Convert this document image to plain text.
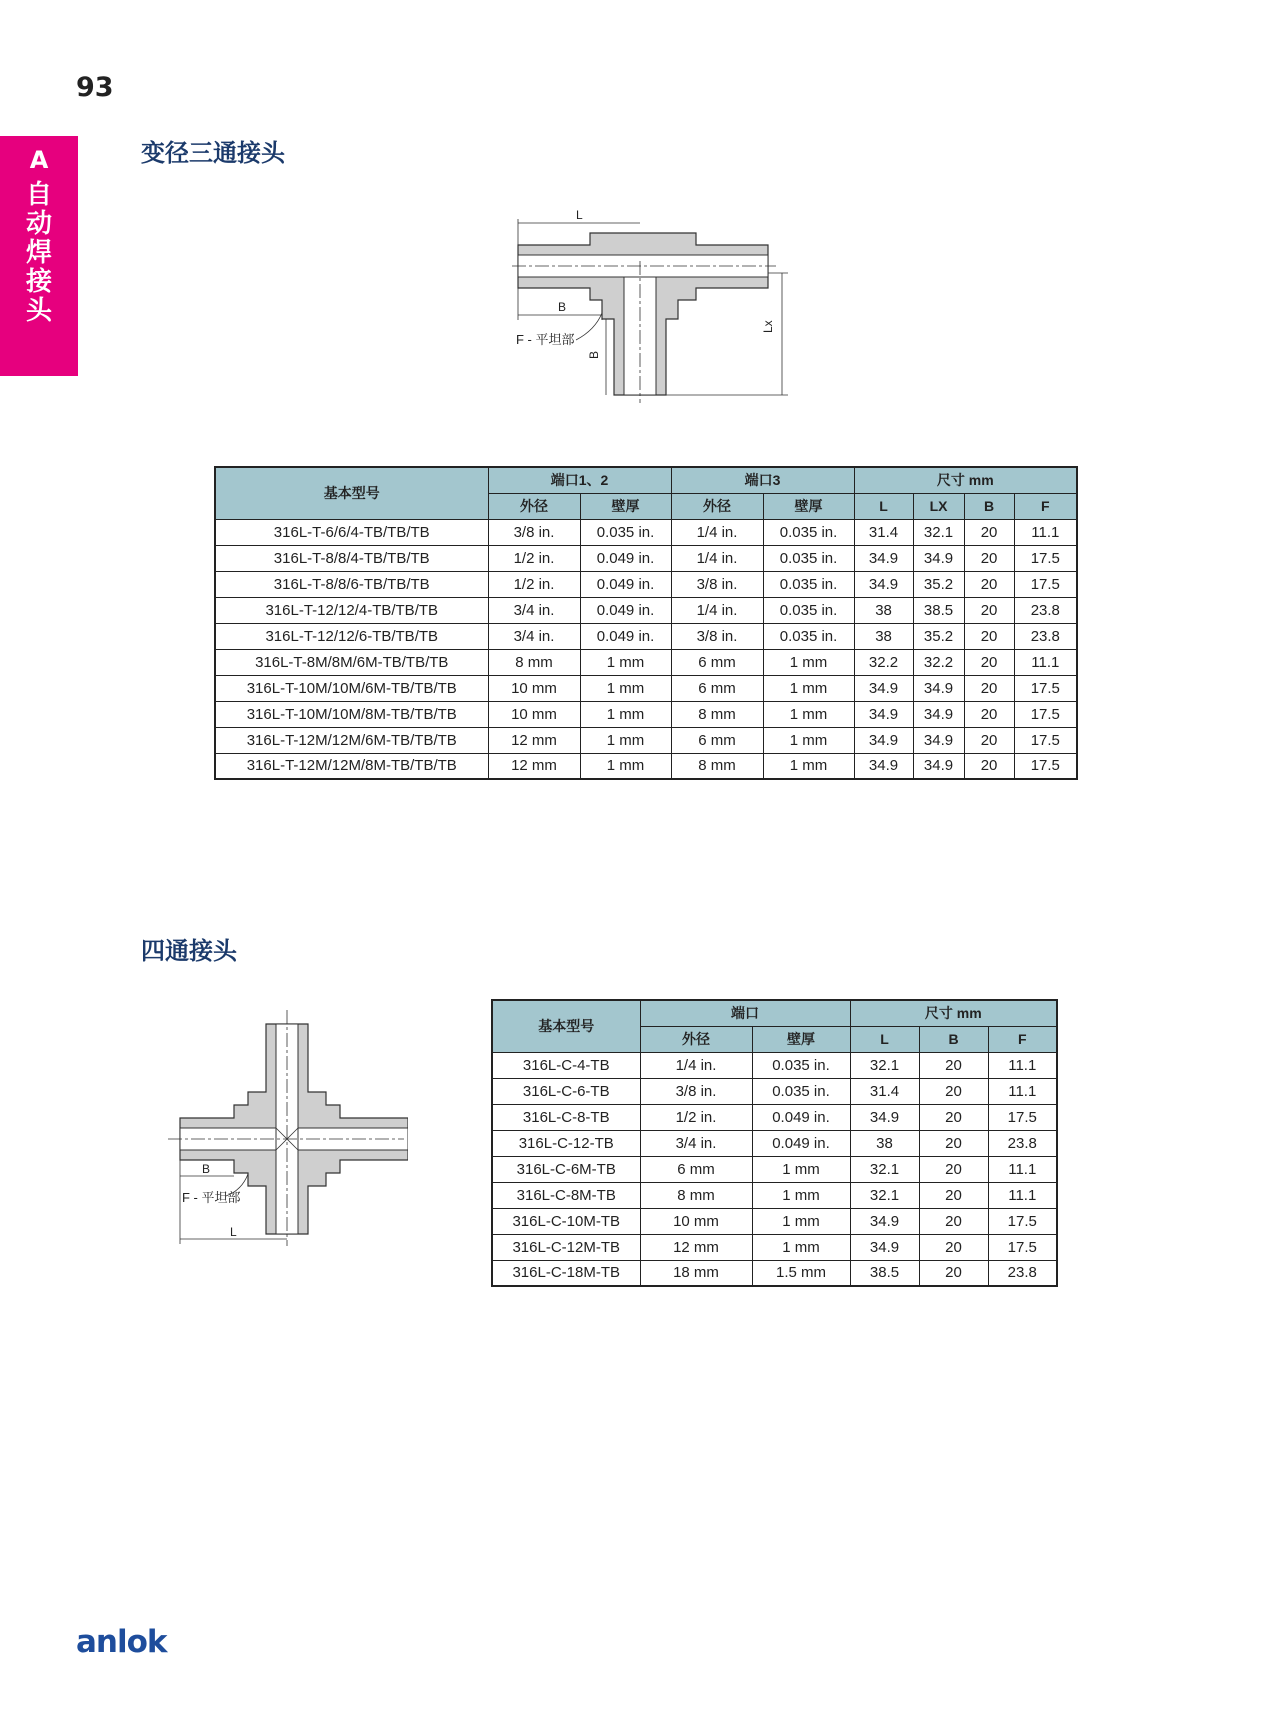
93
A
自动焊接头
变径三通接头
L
B
F - 平坦部
B
Lx
基本型号	端口1、2		端口3		尺寸 mm			
	外径	壁厚	外径	壁厚	L	LX	B	F
316L-T-6/6/4-TB/TB/TB	3/8 in.	0.035 in.	1/4 in.	0.035 in.	31.4	32.1	20	11.1
316L-T-8/8/4-TB/TB/TB	1/2 in.	0.049 in.	1/4 in.	0.035 in.	34.9	34.9	20	17.5
316L-T-8/8/6-TB/TB/TB	1/2 in.	0.049 in.	3/8 in.	0.035 in.	34.9	35.2	20	17.5
316L-T-12/12/4-TB/TB/TB	3/4 in.	0.049 in.	1/4 in.	0.035 in.	38	38.5	20	23.8
316L-T-12/12/6-TB/TB/TB	3/4 in.	0.049 in.	3/8 in.	0.035 in.	38	35.2	20	23.8
316L-T-8M/8M/6M-TB/TB/TB	8 mm	1 mm	6 mm	1 mm	32.2	32.2	20	11.1
316L-T-10M/10M/6M-TB/TB/TB	10 mm	1 mm	6 mm	1 mm	34.9	34.9	20	17.5
316L-T-10M/10M/8M-TB/TB/TB	10 mm	1 mm	8 mm	1 mm	34.9	34.9	20	17.5
316L-T-12M/12M/6M-TB/TB/TB	12 mm	1 mm	6 mm	1 mm	34.9	34.9	20	17.5
316L-T-12M/12M/8M-TB/TB/TB	12 mm	1 mm	8 mm	1 mm	34.9	34.9	20	17.5
四通接头
B
F - 平坦部
L
基本型号	端口		尺寸 mm		
	外径	壁厚	L	B	F
316L-C-4-TB	1/4 in.	0.035 in.	32.1	20	11.1
316L-C-6-TB	3/8 in.	0.035 in.	31.4	20	11.1
316L-C-8-TB	1/2 in.	0.049 in.	34.9	20	17.5
316L-C-12-TB	3/4 in.	0.049 in.	38	20	23.8
316L-C-6M-TB	6 mm	1 mm	32.1	20	11.1
316L-C-8M-TB	8 mm	1 mm	32.1	20	11.1
316L-C-10M-TB	10 mm	1 mm	34.9	20	17.5
316L-C-12M-TB	12 mm	1 mm	34.9	20	17.5
316L-C-18M-TB	18 mm	1.5 mm	38.5	20	23.8
anlok
